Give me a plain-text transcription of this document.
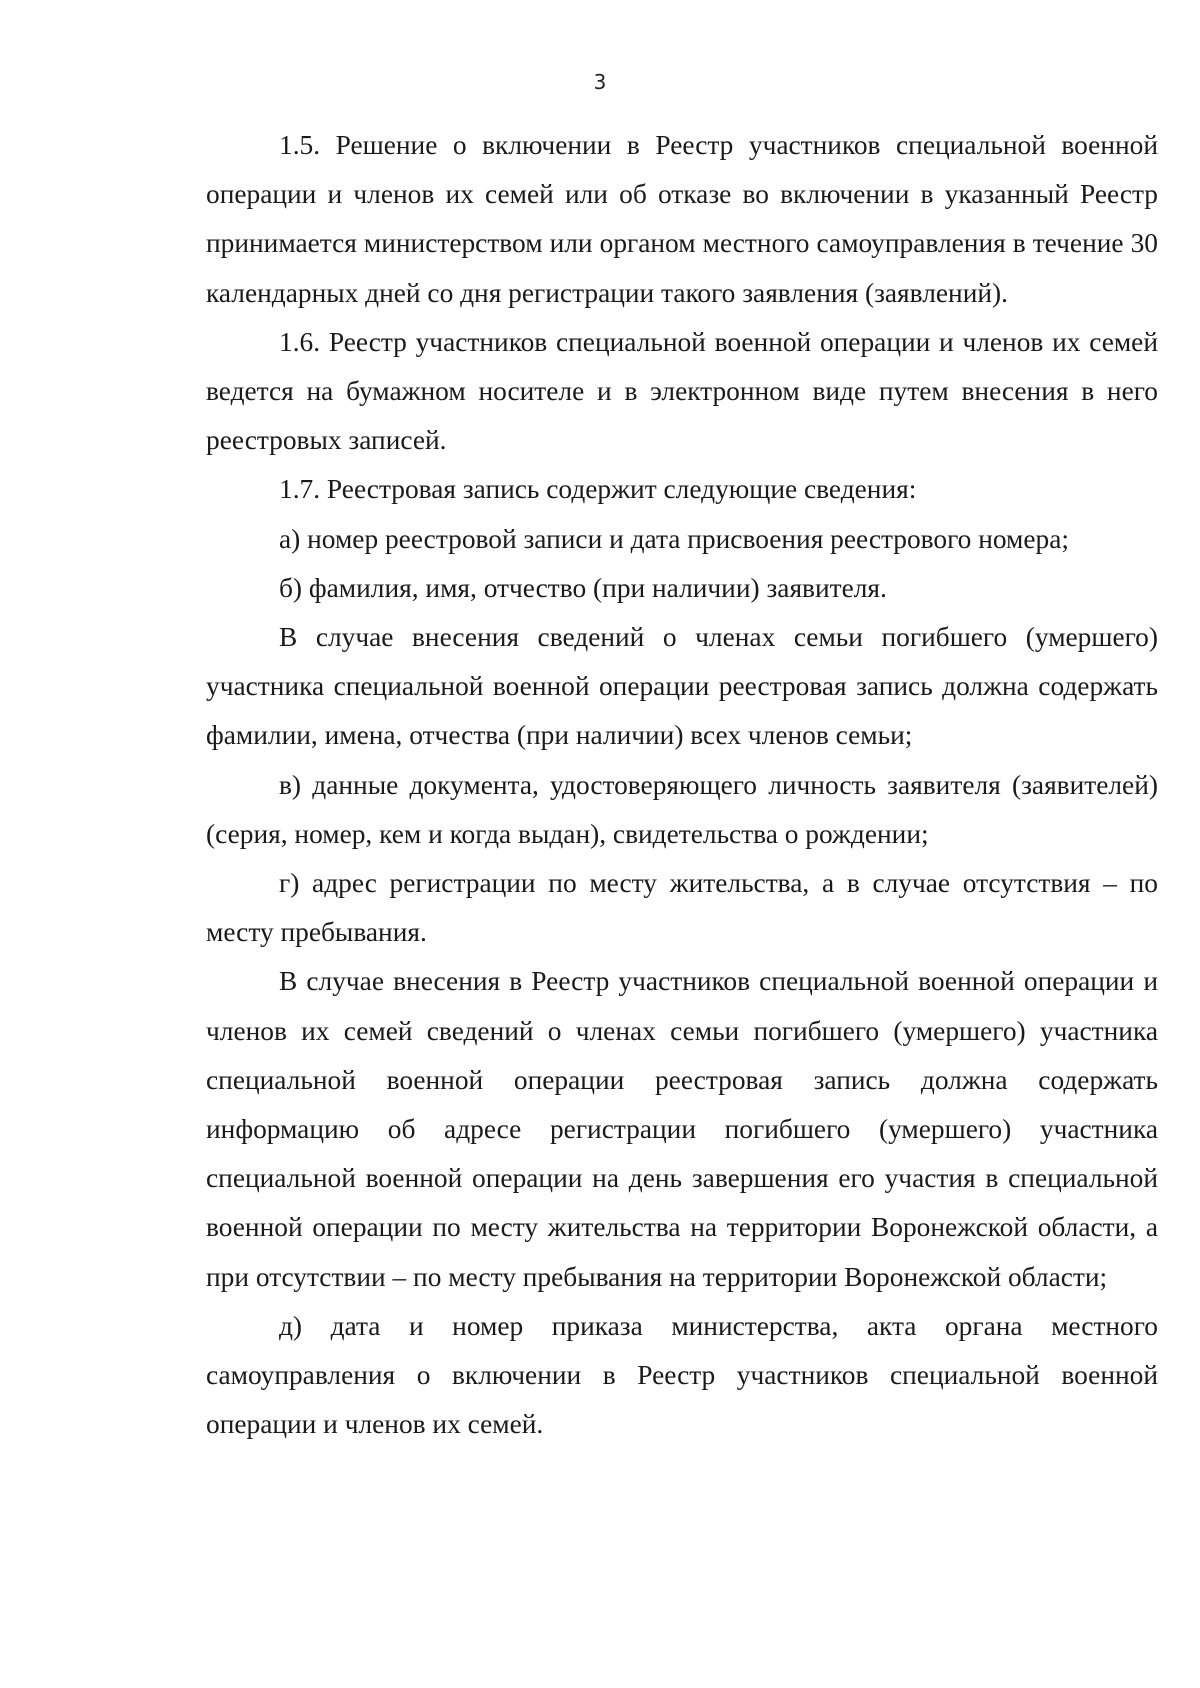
3

1.5. Решение о включении в Реестр участников специальной военной операции и членов их семей или об отказе во включении в указанный Реестр принимается министерством или органом местного самоуправления в течение 30 календарных дней со дня регистрации такого заявления (заявлений).

1.6. Реестр участников специальной военной операции и членов их семей ведется на бумажном носителе и в электронном виде путем внесения в него реестровых записей.

1.7. Реестровая запись содержит следующие сведения:

а) номер реестровой записи и дата присвоения реестрового номера;

б) фамилия, имя, отчество (при наличии) заявителя.

В случае внесения сведений о членах семьи погибшего (умершего) участника специальной военной операции реестровая запись должна содержать фамилии, имена, отчества (при наличии) всех членов семьи;

в) данные документа, удостоверяющего личность заявителя (заявителей) (серия, номер, кем и когда выдан), свидетельства о рождении;

г) адрес регистрации по месту жительства, а в случае отсутствия – по месту пребывания.

В случае внесения в Реестр участников специальной военной операции и членов их семей сведений о членах семьи погибшего (умершего) участника специальной военной операции реестровая запись должна содержать информацию об адресе регистрации погибшего (умершего) участника специальной военной операции на день завершения его участия в специальной военной операции по месту жительства на территории Воронежской области, а при отсутствии – по месту пребывания на территории Воронежской области;

д) дата и номер приказа министерства, акта органа местного самоуправления о включении в Реестр участников специальной военной операции и членов их семей.
